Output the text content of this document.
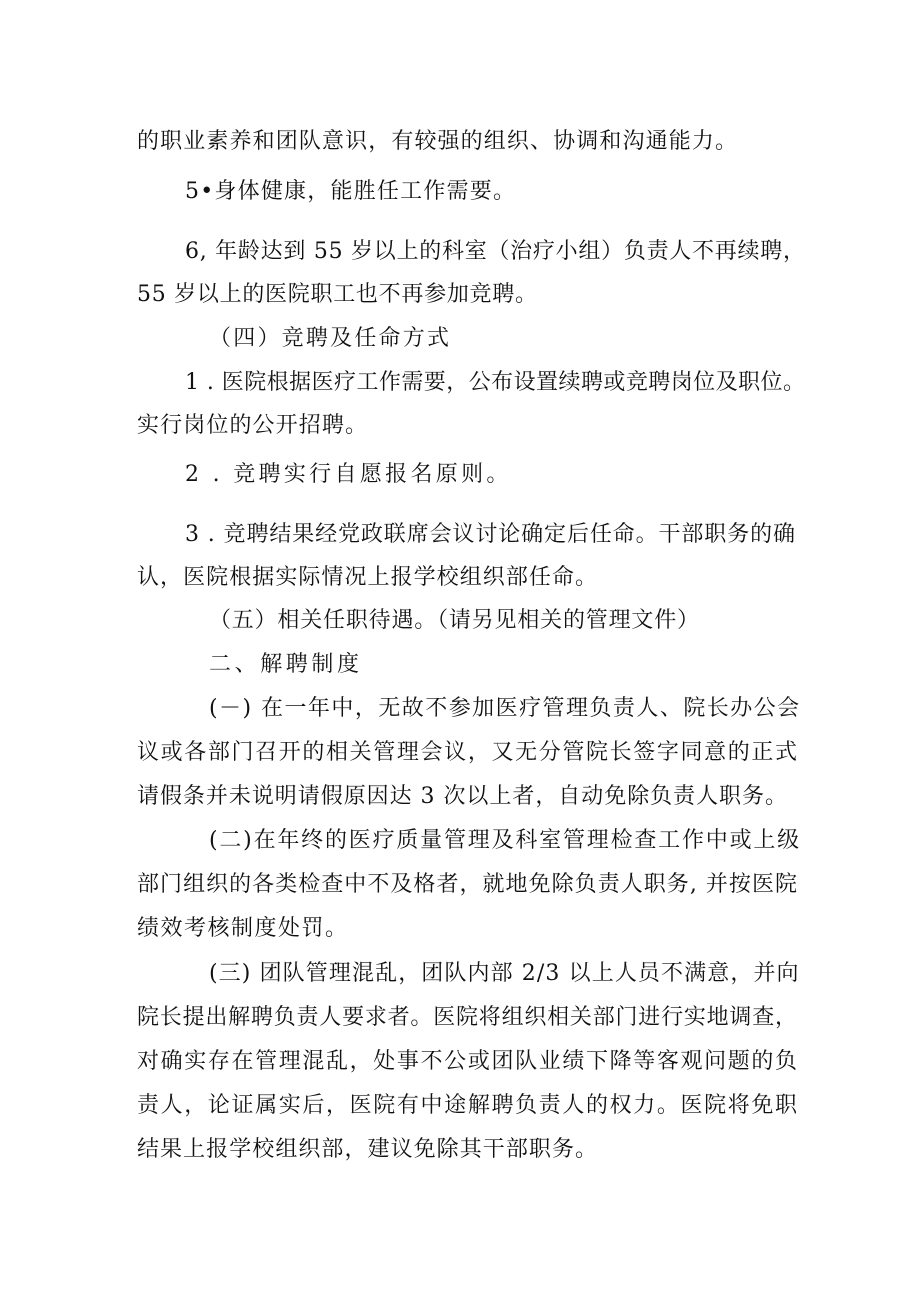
的职业素养和团队意识，有较强的组织、协调和沟通能力。
5•身体健康，能胜任工作需要。
6, 年龄达到 55 岁以上的科室（治疗小组）负责人不再续聘，
55 岁以上的医院职工也不再参加竞聘。
（四）竞聘及任命方式
1 . 医院根据医疗工作需要，公布设置续聘或竞聘岗位及职位。
实行岗位的公开招聘。
2 . 竞聘实行自愿报名原则。
3 . 竞聘结果经党政联席会议讨论确定后任命。干部职务的确
认，医院根据实际情况上报学校组织部任命。
（五）相关任职待遇。（请另见相关的管理文件）
二、解聘制度
(－) 在一年中，无故不参加医疗管理负责人、院长办公会
议或各部门召开的相关管理会议，又无分管院长签字同意的正式
请假条并未说明请假原因达 3 次以上者，自动免除负责人职务。
(二)在年终的医疗质量管理及科室管理检查工作中或上级
部门组织的各类检查中不及格者，就地免除负责人职务, 并按医院
绩效考核制度处罚。
(三) 团队管理混乱，团队内部 2/3 以上人员不满意，并向
院长提出解聘负责人要求者。医院将组织相关部门进行实地调查，
对确实存在管理混乱，处事不公或团队业绩下降等客观问题的负
责人，论证属实后，医院有中途解聘负责人的权力。医院将免职
结果上报学校组织部，建议免除其干部职务。
